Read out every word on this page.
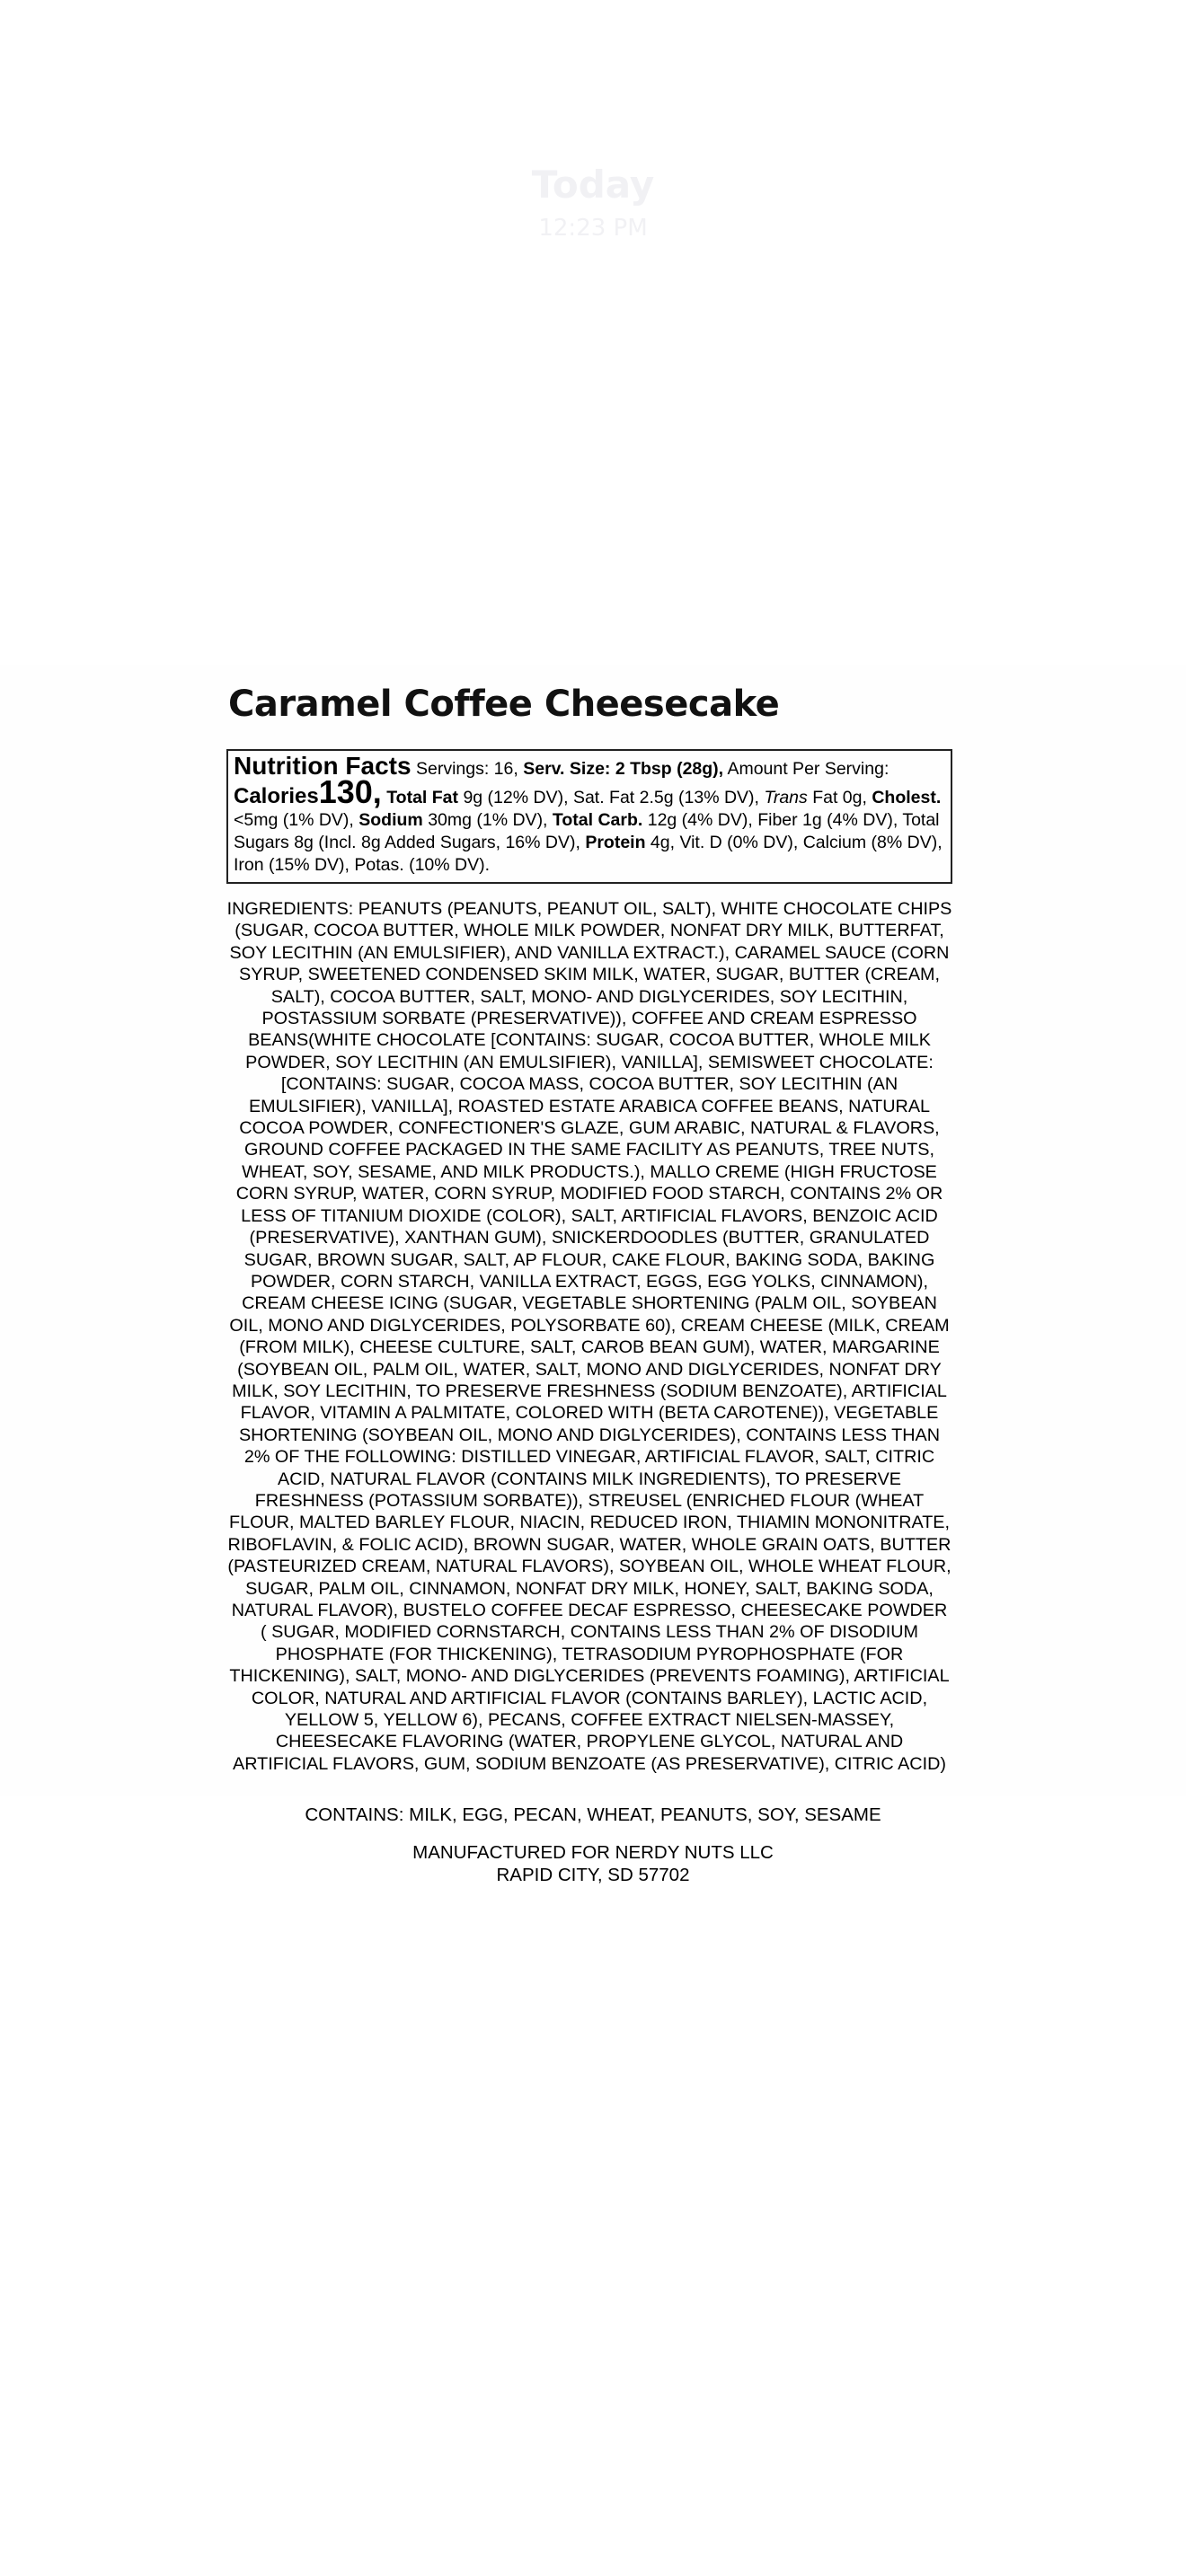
Today
12:23 PM
Caramel Coffee Cheesecake
Nutrition Facts Servings: 16, Serv. Size: 2 Tbsp (28g), Amount Per Serving: Calories130, Total Fat 9g (12% DV), Sat. Fat 2.5g (13% DV), Trans Fat 0g, Cholest. <5mg (1% DV), Sodium 30mg (1% DV), Total Carb. 12g (4% DV), Fiber 1g (4% DV), Total Sugars 8g (Incl. 8g Added Sugars, 16% DV), Protein 4g, Vit. D (0% DV), Calcium (8% DV), Iron (15% DV), Potas. (10% DV).
INGREDIENTS: PEANUTS (PEANUTS, PEANUT OIL, SALT), WHITE CHOCOLATE CHIPS (SUGAR, COCOA BUTTER, WHOLE MILK POWDER, NONFAT DRY MILK, BUTTERFAT, SOY LECITHIN (AN EMULSIFIER), AND VANILLA EXTRACT.), CARAMEL SAUCE (CORN SYRUP, SWEETENED CONDENSED SKIM MILK, WATER, SUGAR, BUTTER (CREAM, SALT), COCOA BUTTER, SALT, MONO- AND DIGLYCERIDES, SOY LECITHIN, POSTASSIUM SORBATE (PRESERVATIVE)), COFFEE AND CREAM ESPRESSO BEANS(WHITE CHOCOLATE [CONTAINS: SUGAR, COCOA BUTTER, WHOLE MILK POWDER, SOY LECITHIN (AN EMULSIFIER), VANILLA], SEMISWEET CHOCOLATE: [CONTAINS: SUGAR, COCOA MASS, COCOA BUTTER, SOY LECITHIN (AN EMULSIFIER), VANILLA], ROASTED ESTATE ARABICA COFFEE BEANS, NATURAL COCOA POWDER, CONFECTIONER'S GLAZE, GUM ARABIC, NATURAL & FLAVORS, GROUND COFFEE PACKAGED IN THE SAME FACILITY AS PEANUTS, TREE NUTS, WHEAT, SOY, SESAME, AND MILK PRODUCTS.), MALLO CREME (HIGH FRUCTOSE CORN SYRUP, WATER, CORN SYRUP, MODIFIED FOOD STARCH, CONTAINS 2% OR LESS OF TITANIUM DIOXIDE (COLOR), SALT, ARTIFICIAL FLAVORS, BENZOIC ACID (PRESERVATIVE), XANTHAN GUM), SNICKERDOODLES (BUTTER, GRANULATED SUGAR, BROWN SUGAR, SALT, AP FLOUR, CAKE FLOUR, BAKING SODA, BAKING POWDER, CORN STARCH, VANILLA EXTRACT, EGGS, EGG YOLKS, CINNAMON), CREAM CHEESE ICING (SUGAR, VEGETABLE SHORTENING (PALM OIL, SOYBEAN OIL, MONO AND DIGLYCERIDES, POLYSORBATE 60), CREAM CHEESE (MILK, CREAM (FROM MILK), CHEESE CULTURE, SALT, CAROB BEAN GUM), WATER, MARGARINE (SOYBEAN OIL, PALM OIL, WATER, SALT, MONO AND DIGLYCERIDES, NONFAT DRY MILK, SOY LECITHIN, TO PRESERVE FRESHNESS (SODIUM BENZOATE), ARTIFICIAL FLAVOR, VITAMIN A PALMITATE, COLORED WITH (BETA CAROTENE)), VEGETABLE SHORTENING (SOYBEAN OIL, MONO AND DIGLYCERIDES), CONTAINS LESS THAN 2% OF THE FOLLOWING: DISTILLED VINEGAR, ARTIFICIAL FLAVOR, SALT, CITRIC ACID, NATURAL FLAVOR (CONTAINS MILK INGREDIENTS), TO PRESERVE FRESHNESS (POTASSIUM SORBATE)), STREUSEL (ENRICHED FLOUR (WHEAT FLOUR, MALTED BARLEY FLOUR, NIACIN, REDUCED IRON, THIAMIN MONONITRATE, RIBOFLAVIN, & FOLIC ACID), BROWN SUGAR, WATER, WHOLE GRAIN OATS, BUTTER (PASTEURIZED CREAM, NATURAL FLAVORS), SOYBEAN OIL, WHOLE WHEAT FLOUR, SUGAR, PALM OIL, CINNAMON, NONFAT DRY MILK, HONEY, SALT, BAKING SODA, NATURAL FLAVOR), BUSTELO COFFEE DECAF ESPRESSO, CHEESECAKE POWDER ( SUGAR, MODIFIED CORNSTARCH, CONTAINS LESS THAN 2% OF DISODIUM PHOSPHATE (FOR THICKENING), TETRASODIUM PYROPHOSPHATE (FOR THICKENING), SALT, MONO- AND DIGLYCERIDES (PREVENTS FOAMING), ARTIFICIAL COLOR, NATURAL AND ARTIFICIAL FLAVOR (CONTAINS BARLEY), LACTIC ACID, YELLOW 5, YELLOW 6), PECANS, COFFEE EXTRACT NIELSEN-MASSEY, CHEESECAKE FLAVORING (WATER, PROPYLENE GLYCOL, NATURAL AND ARTIFICIAL FLAVORS, GUM, SODIUM BENZOATE (AS PRESERVATIVE), CITRIC ACID)
CONTAINS: MILK, EGG, PECAN, WHEAT, PEANUTS, SOY, SESAME
MANUFACTURED FOR NERDY NUTS LLC
RAPID CITY, SD 57702
